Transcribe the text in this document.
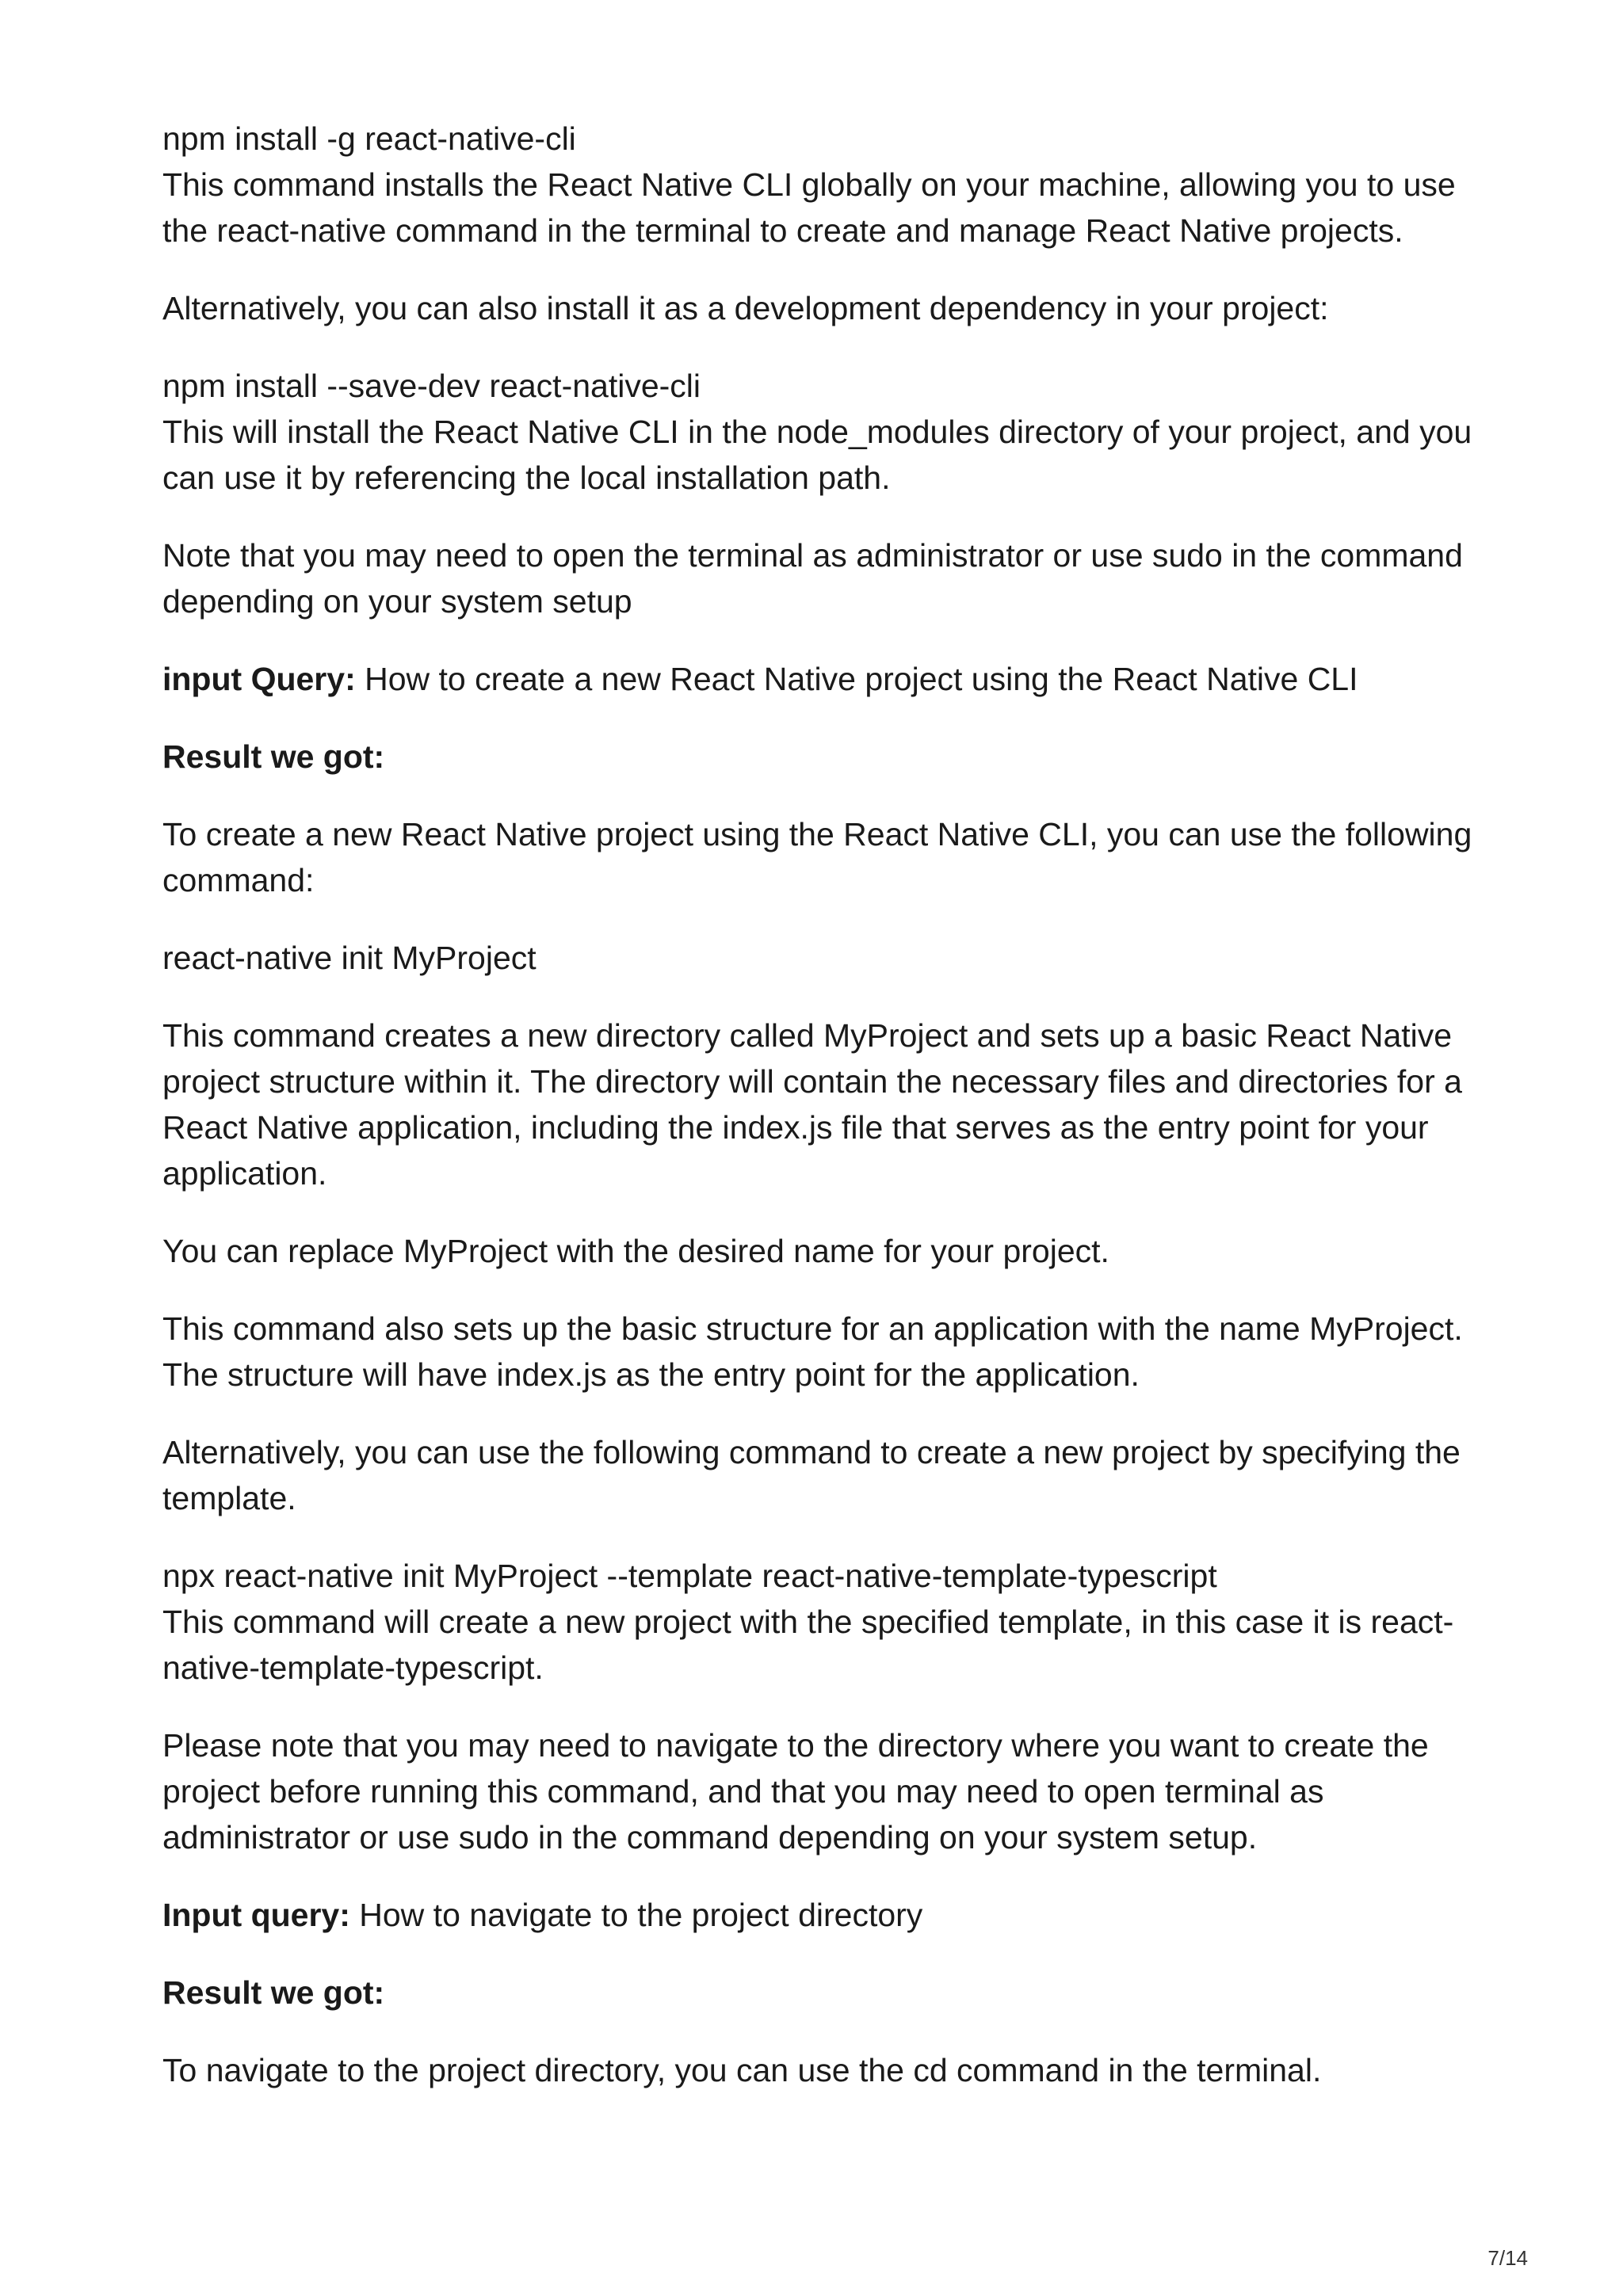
npm install -g react-native-cli
This command installs the React Native CLI globally on your machine, allowing you to use the react-native command in the terminal to create and manage React Native projects.

Alternatively, you can also install it as a development dependency in your project:

npm install --save-dev react-native-cli
This will install the React Native CLI in the node_modules directory of your project, and you can use it by referencing the local installation path.

Note that you may need to open the terminal as administrator or use sudo in the command depending on your system setup

input Query: How to create a new React Native project using the React Native CLI

Result we got:

To create a new React Native project using the React Native CLI, you can use the following command:

react-native init MyProject

This command creates a new directory called MyProject and sets up a basic React Native project structure within it. The directory will contain the necessary files and directories for a React Native application, including the index.js file that serves as the entry point for your application.

You can replace MyProject with the desired name for your project.

This command also sets up the basic structure for an application with the name MyProject. The structure will have index.js as the entry point for the application.

Alternatively, you can use the following command to create a new project by specifying the template.

npx react-native init MyProject --template react-native-template-typescript
This command will create a new project with the specified template, in this case it is react-native-template-typescript.

Please note that you may need to navigate to the directory where you want to create the project before running this command, and that you may need to open terminal as administrator or use sudo in the command depending on your system setup.

Input query: How to navigate to the project directory

Result we got:

To navigate to the project directory, you can use the cd command in the terminal.

7/14
